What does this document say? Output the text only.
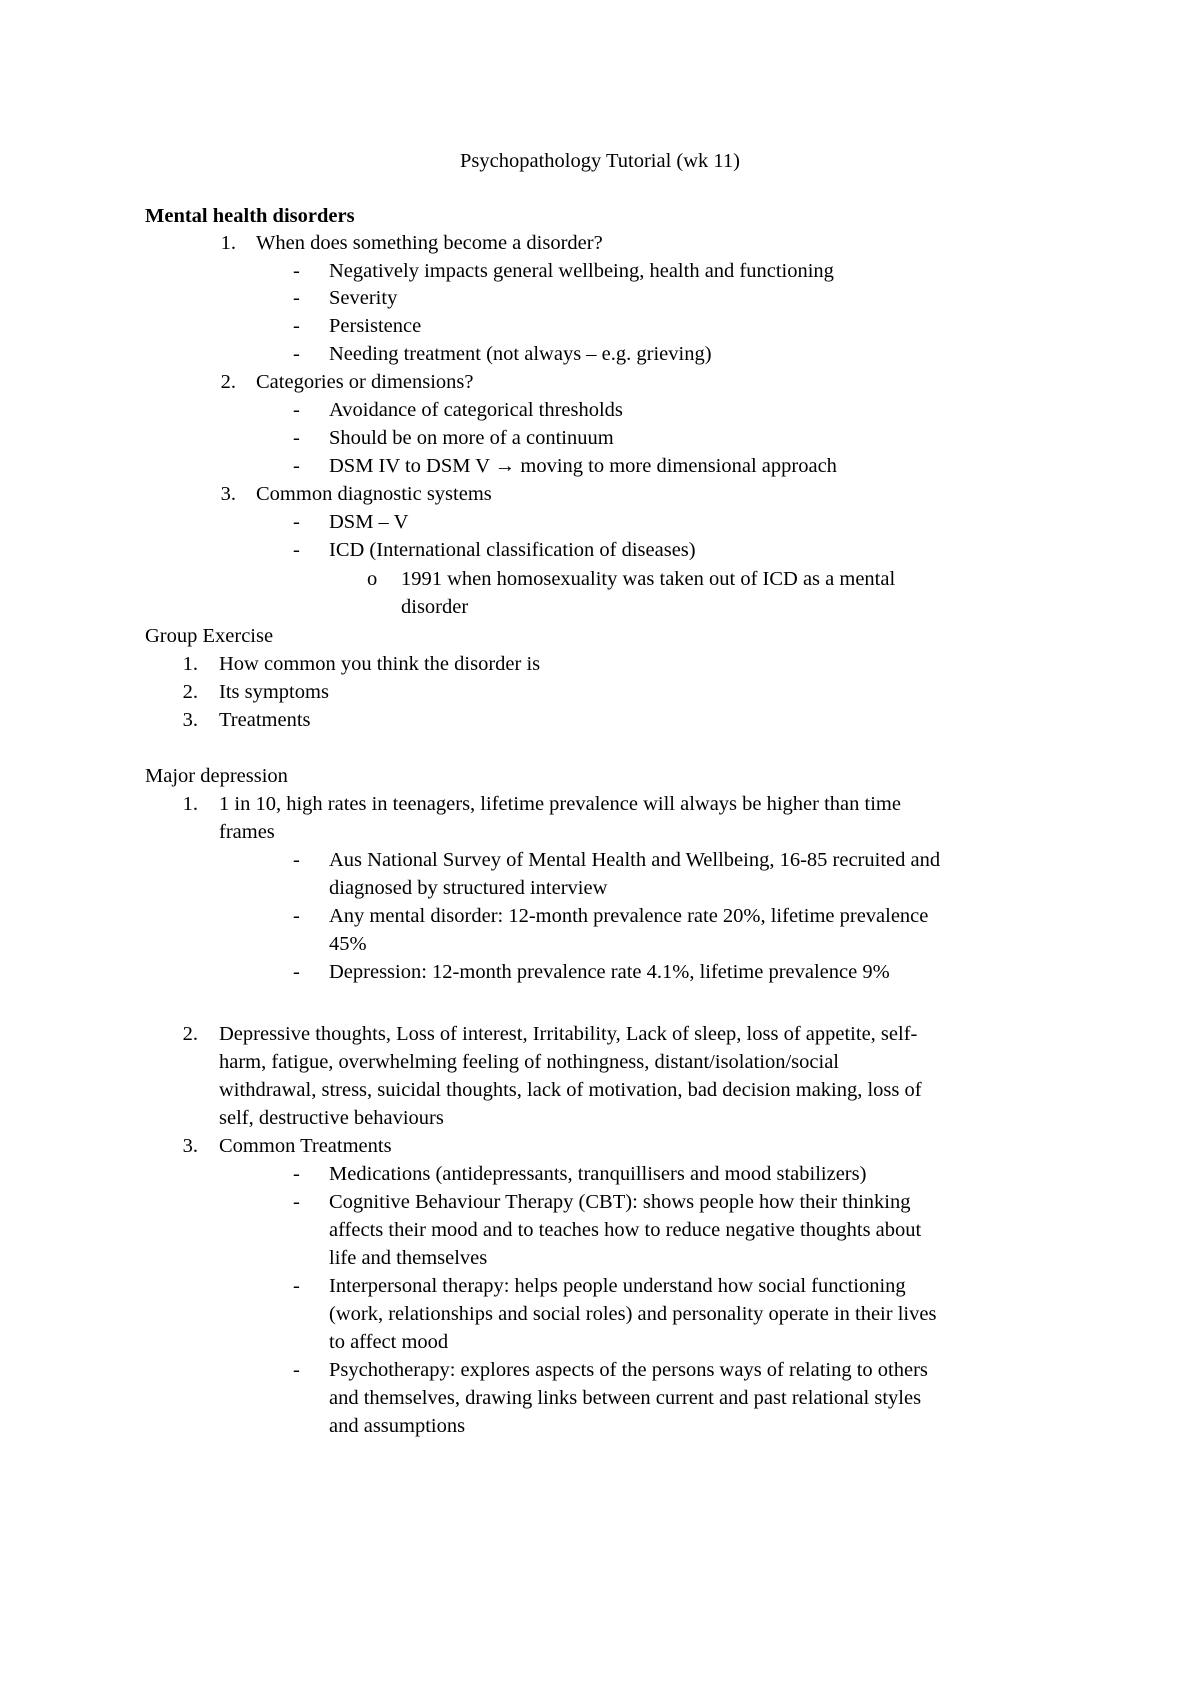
Psychopathology Tutorial (wk 11)
Mental health disorders
1. When does something become a disorder?
- Negatively impacts general wellbeing, health and functioning
- Severity
- Persistence
- Needing treatment (not always – e.g. grieving)
2. Categories or dimensions?
- Avoidance of categorical thresholds
- Should be on more of a continuum
- DSM IV to DSM V → moving to more dimensional approach
3. Common diagnostic systems
- DSM – V
- ICD (International classification of diseases)
o 1991 when homosexuality was taken out of ICD as a mental
disorder
Group Exercise
1. How common you think the disorder is
2. Its symptoms
3. Treatments
Major depression
1. 1 in 10, high rates in teenagers, lifetime prevalence will always be higher than time
frames
- Aus National Survey of Mental Health and Wellbeing, 16-85 recruited and
diagnosed by structured interview
- Any mental disorder: 12-month prevalence rate 20%, lifetime prevalence
45%
- Depression: 12-month prevalence rate 4.1%, lifetime prevalence 9%
2. Depressive thoughts, Loss of interest, Irritability, Lack of sleep, loss of appetite, self-
harm, fatigue, overwhelming feeling of nothingness, distant/isolation/social
withdrawal, stress, suicidal thoughts, lack of motivation, bad decision making, loss of
self, destructive behaviours
3. Common Treatments
- Medications (antidepressants, tranquillisers and mood stabilizers)
- Cognitive Behaviour Therapy (CBT): shows people how their thinking
affects their mood and to teaches how to reduce negative thoughts about
life and themselves
- Interpersonal therapy: helps people understand how social functioning
(work, relationships and social roles) and personality operate in their lives
to affect mood
- Psychotherapy: explores aspects of the persons ways of relating to others
and themselves, drawing links between current and past relational styles
and assumptions
